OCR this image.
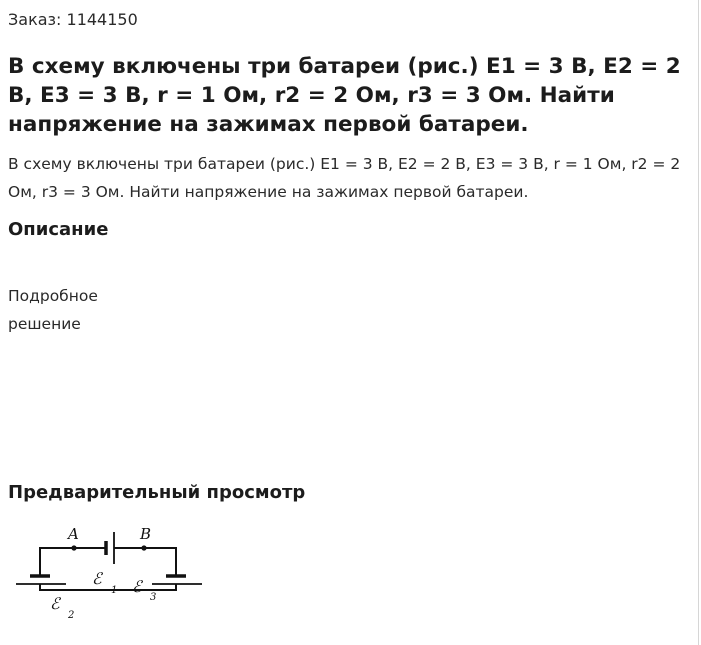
Заказ: 1144150
В схему включены три батареи (рис.) E1 = 3 В, E2 = 2 В, E3 = 3 В, r = 1 Ом, r2 = 2 Ом, r3 = 3 Ом. Найти напряжение на зажимах первой батареи.
В схему включены три батареи (рис.) E1 = 3 В, E2 = 2 В, E3 = 3 В, r = 1 Ом, r2 = 2 Ом, r3 = 3 Ом. Найти напряжение на зажимах первой батареи.
Описание
Подробное решение
Предварительный просмотр
A	B
ℰ
1
ℰ
2
ℰ
3
